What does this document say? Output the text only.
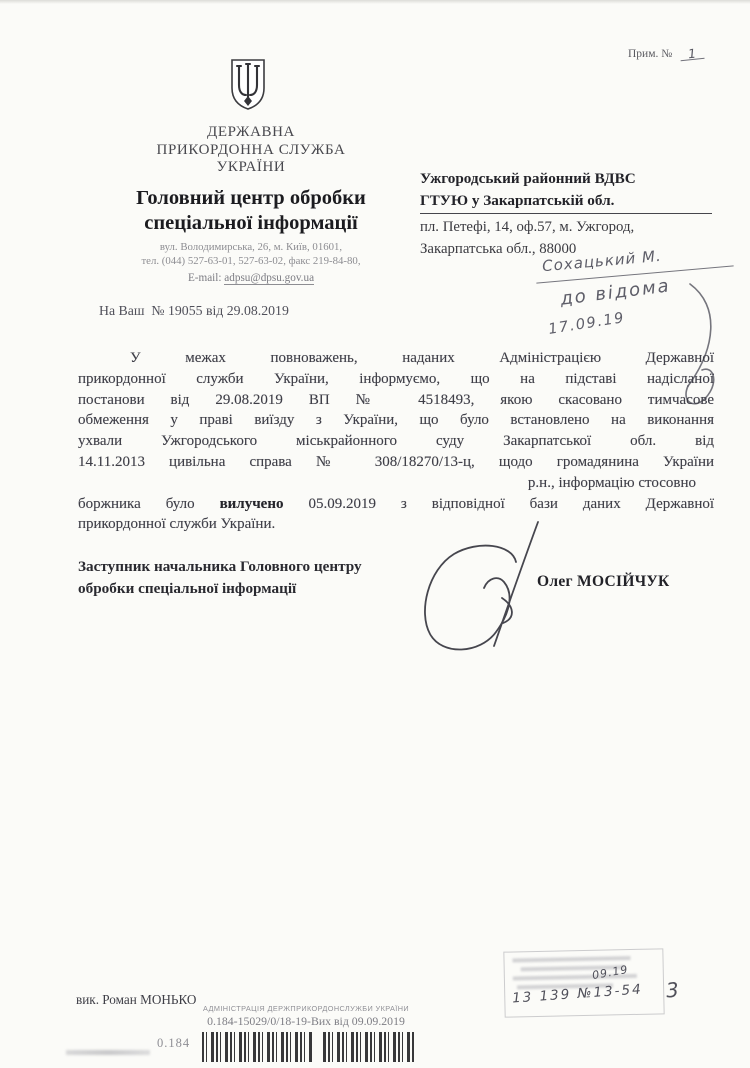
Прим. №	1
ДЕРЖАВНА
ПРИКОРДОННА СЛУЖБА
УКРАЇНИ
Головний центр обробки
спеціальної інформації
вул. Володимирська, 26, м. Київ, 01601,
тел. (044) 527-63-01, 527-63-02, факс 219-84-80,
E-mail: adpsu@dpsu.gov.ua
Ужгородський районний ВДВС
ГТУЮ у Закарпатській обл.
пл. Петефі, 14, оф.57, м. Ужгород,
Закарпатська обл., 88000
Сохацький М.
до відома
17.09.19
На Ваш  № 19055 від 29.08.2019
У межах повноважень, наданих Адміністрацією Державної
прикордонної служби України, інформуємо, що на підставі надісланої
постанови від 29.08.2019 ВП № 4518493, якою скасовано тимчасове
обмеження у праві виїзду з України, що було встановлено на виконання
ухвали Ужгородського міськрайонного суду Закарпатської обл. від
14.11.2013 цивільна справа № 308/18270/13-ц, щодо громадянина України
р.н., інформацію стосовно
боржника було вилучено 05.09.2019 з відповідної бази даних Державної
прикордонної служби України.
Заступник начальника Головного центру
обробки спеціальної інформації	Олег МОСІЙЧУК
вик. Роман МОНЬКО
АДМІНІСТРАЦІЯ ДЕРЖПРИКОРДОНСЛУЖБИ УКРАЇНИ
0.184-15029/0/18-19-Вих від 09.09.2019
0.184
13 139 №13-54
09.19
3
